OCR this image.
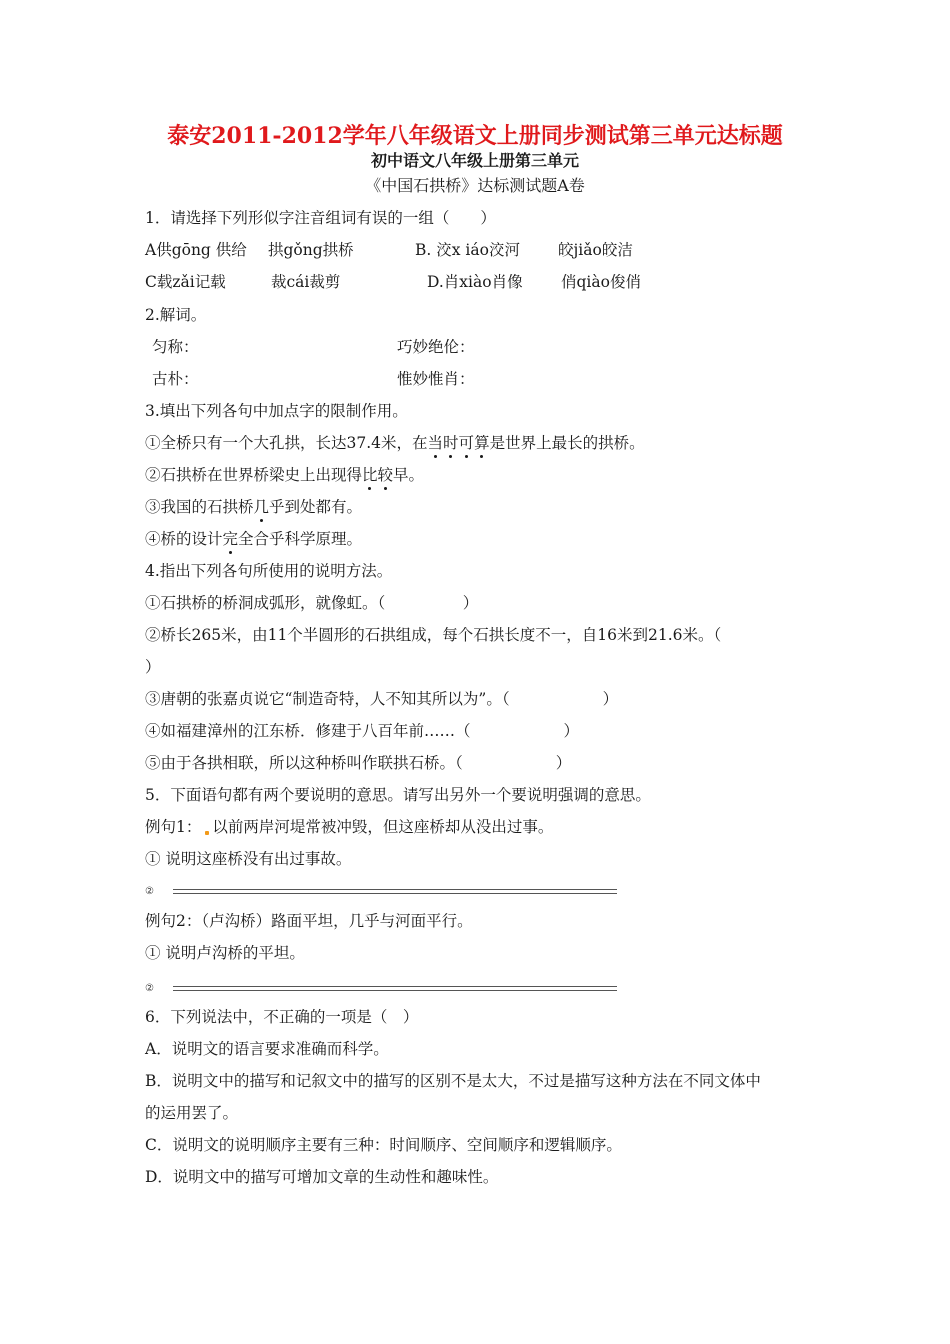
泰安2011-2012学年八年级语文上册同步测试第三单元达标题
初中语文八年级上册第三单元
《中国石拱桥》达标测试题A卷
1．请选择下列形似字注音组词有误的一组（　　）
A供gōng 供给 拱gǒng拱桥	B. 洨x iáo洨河 皎jiǎo皎洁
C载zǎi记载	裁cái裁剪	D.肖xiào肖像 俏qiào俊俏
2.解词。
匀称：	巧妙绝伦：
古朴：	惟妙惟肖：
3.填出下列各句中加点字的限制作用。
①全桥只有一个大孔拱，长达37.4米，在当时可算是世界上最长的拱桥。
②石拱桥在世界桥梁史上出现得比较早。
③我国的石拱桥几乎到处都有。
④桥的设计完全合乎科学原理。
4.指出下列各句所使用的说明方法。
①石拱桥的桥洞成弧形，就像虹。（　　　　　）
②桥长265米，由11个半圆形的石拱组成，每个石拱长度不一，自16米到21.6米。（
）
③唐朝的张嘉贞说它“制造奇特，人不知其所以为”。（　　　　　　）
④如福建漳州的江东桥．修建于八百年前……（　　　　　　）
⑤由于各拱相联，所以这种桥叫作联拱石桥。（　　　　　　）
5．下面语句都有两个要说明的意思。请写出另外一个要说明强调的意思。
例句1： 以前两岸河堤常被冲毁，但这座桥却从没出过事。
① 说明这座桥没有出过事故。
②
例句2：（卢沟桥）路面平坦，几乎与河面平行。
① 说明卢沟桥的平坦。
②
6．下列说法中，不正确的一项是（　）
A．说明文的语言要求准确而科学。
B．说明文中的描写和记叙文中的描写的区别不是太大，不过是描写这种方法在不同文体中
的运用罢了。
C．说明文的说明顺序主要有三种：时间顺序、空间顺序和逻辑顺序。
D．说明文中的描写可增加文章的生动性和趣味性。
